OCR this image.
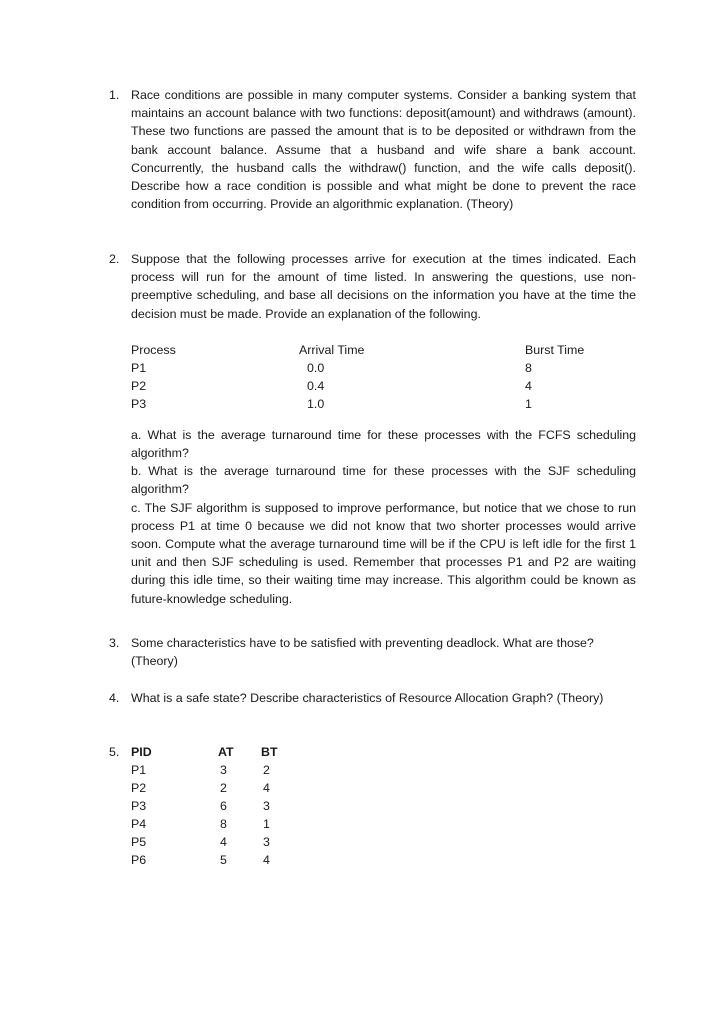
1. Race conditions are possible in many computer systems. Consider a banking system that maintains an account balance with two functions: deposit(amount) and withdraws (amount). These two functions are passed the amount that is to be deposited or withdrawn from the bank account balance. Assume that a husband and wife share a bank account. Concurrently, the husband calls the withdraw() function, and the wife calls deposit(). Describe how a race condition is possible and what might be done to prevent the race condition from occurring. Provide an algorithmic explanation. (Theory)

2. Suppose that the following processes arrive for execution at the times indicated. Each process will run for the amount of time listed. In answering the questions, use non-preemptive scheduling, and base all decisions on the information you have at the time the decision must be made. Provide an explanation of the following.

Process	Arrival Time	Burst Time
P1	0.0	8
P2	0.4	4
P3	1.0	1

a. What is the average turnaround time for these processes with the FCFS scheduling algorithm?

b. What is the average turnaround time for these processes with the SJF scheduling algorithm?

c. The SJF algorithm is supposed to improve performance, but notice that we chose to run process P1 at time 0 because we did not know that two shorter processes would arrive soon. Compute what the average turnaround time will be if the CPU is left idle for the first 1 unit and then SJF scheduling is used. Remember that processes P1 and P2 are waiting during this idle time, so their waiting time may increase. This algorithm could be known as future-knowledge scheduling.

3. Some characteristics have to be satisfied with preventing deadlock. What are those? (Theory)

4. What is a safe state? Describe characteristics of Resource Allocation Graph? (Theory)

5. PID	AT BT
P1	3	2
P2	2	4
P3	6	3
P4	8	1
P5	4	3
P6	5	4
